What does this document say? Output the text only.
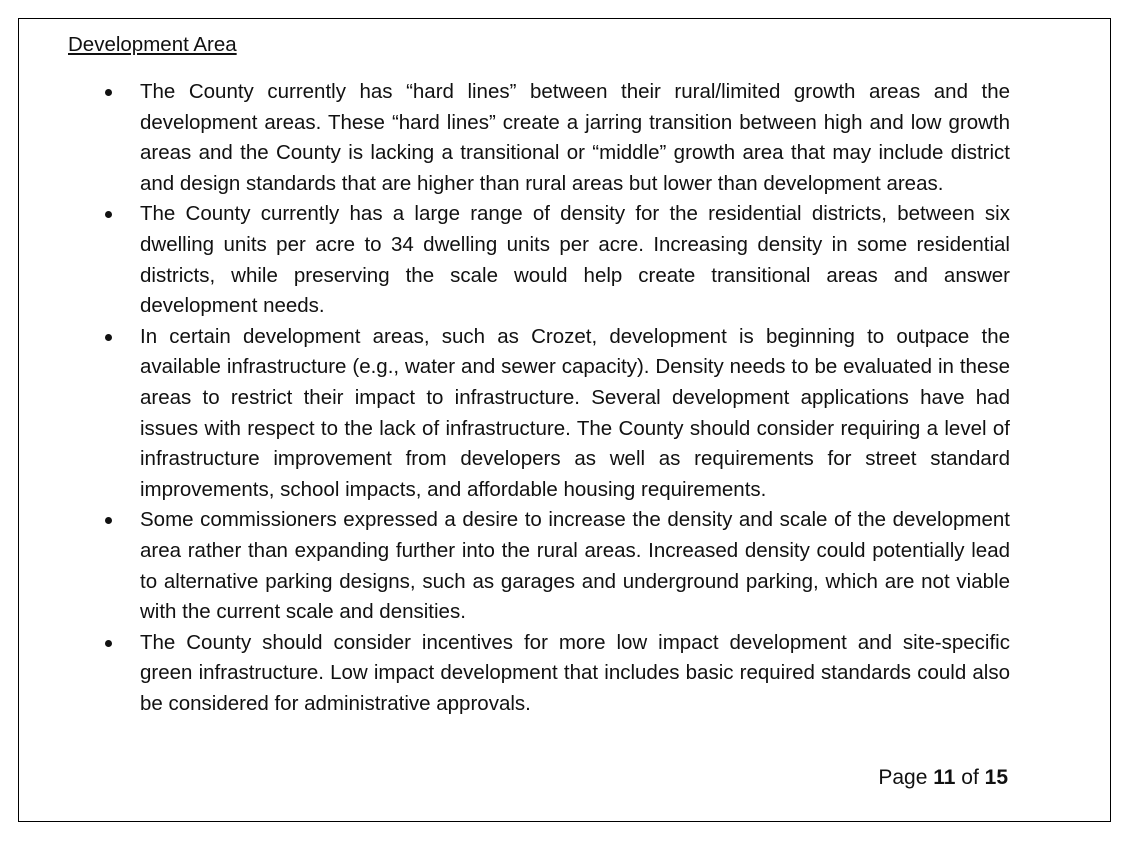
Development Area
The County currently has “hard lines” between their rural/limited growth areas and the development areas. These “hard lines” create a jarring transition between high and low growth areas and the County is lacking a transitional or “middle” growth area that may include district and design standards that are higher than rural areas but lower than development areas.
The County currently has a large range of density for the residential districts, between six dwelling units per acre to 34 dwelling units per acre. Increasing density in some residential districts, while preserving the scale would help create transitional areas and answer development needs.
In certain development areas, such as Crozet, development is beginning to outpace the available infrastructure (e.g., water and sewer capacity). Density needs to be evaluated in these areas to restrict their impact to infrastructure. Several development applications have had issues with respect to the lack of infrastructure. The County should consider requiring a level of infrastructure improvement from developers as well as requirements for street standard improvements, school impacts, and affordable housing requirements.
Some commissioners expressed a desire to increase the density and scale of the development area rather than expanding further into the rural areas. Increased density could potentially lead to alternative parking designs, such as garages and underground parking, which are not viable with the current scale and densities.
The County should consider incentives for more low impact development and site-specific green infrastructure. Low impact development that includes basic required standards could also be considered for administrative approvals.
Page 11 of 15
